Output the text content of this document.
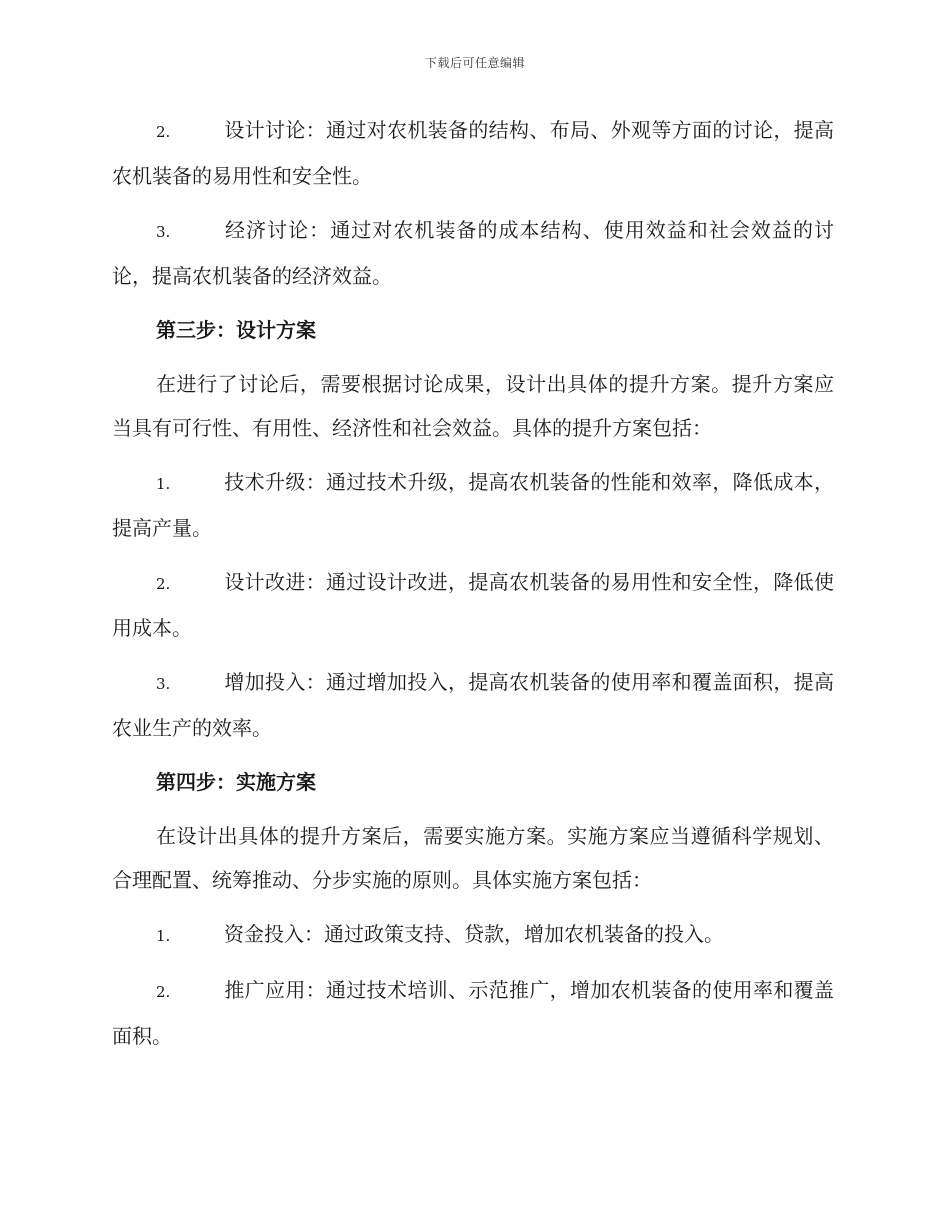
下载后可任意编辑

2.	设计讨论：通过对农机装备的结构、布局、外观等方面的讨论，提高农机装备的易用性和安全性。

3.	经济讨论：通过对农机装备的成本结构、使用效益和社会效益的讨论，提高农机装备的经济效益。

第三步：设计方案

在进行了讨论后，需要根据讨论成果，设计出具体的提升方案。提升方案应当具有可行性、有用性、经济性和社会效益。具体的提升方案包括：

1.	技术升级：通过技术升级，提高农机装备的性能和效率，降低成本，提高产量。

2.	设计改进：通过设计改进，提高农机装备的易用性和安全性，降低使用成本。

3.	增加投入：通过增加投入，提高农机装备的使用率和覆盖面积，提高农业生产的效率。

第四步：实施方案

在设计出具体的提升方案后，需要实施方案。实施方案应当遵循科学规划、合理配置、统筹推动、分步实施的原则。具体实施方案包括：

1.	资金投入：通过政策支持、贷款，增加农机装备的投入。

2.	推广应用：通过技术培训、示范推广，增加农机装备的使用率和覆盖面积。
